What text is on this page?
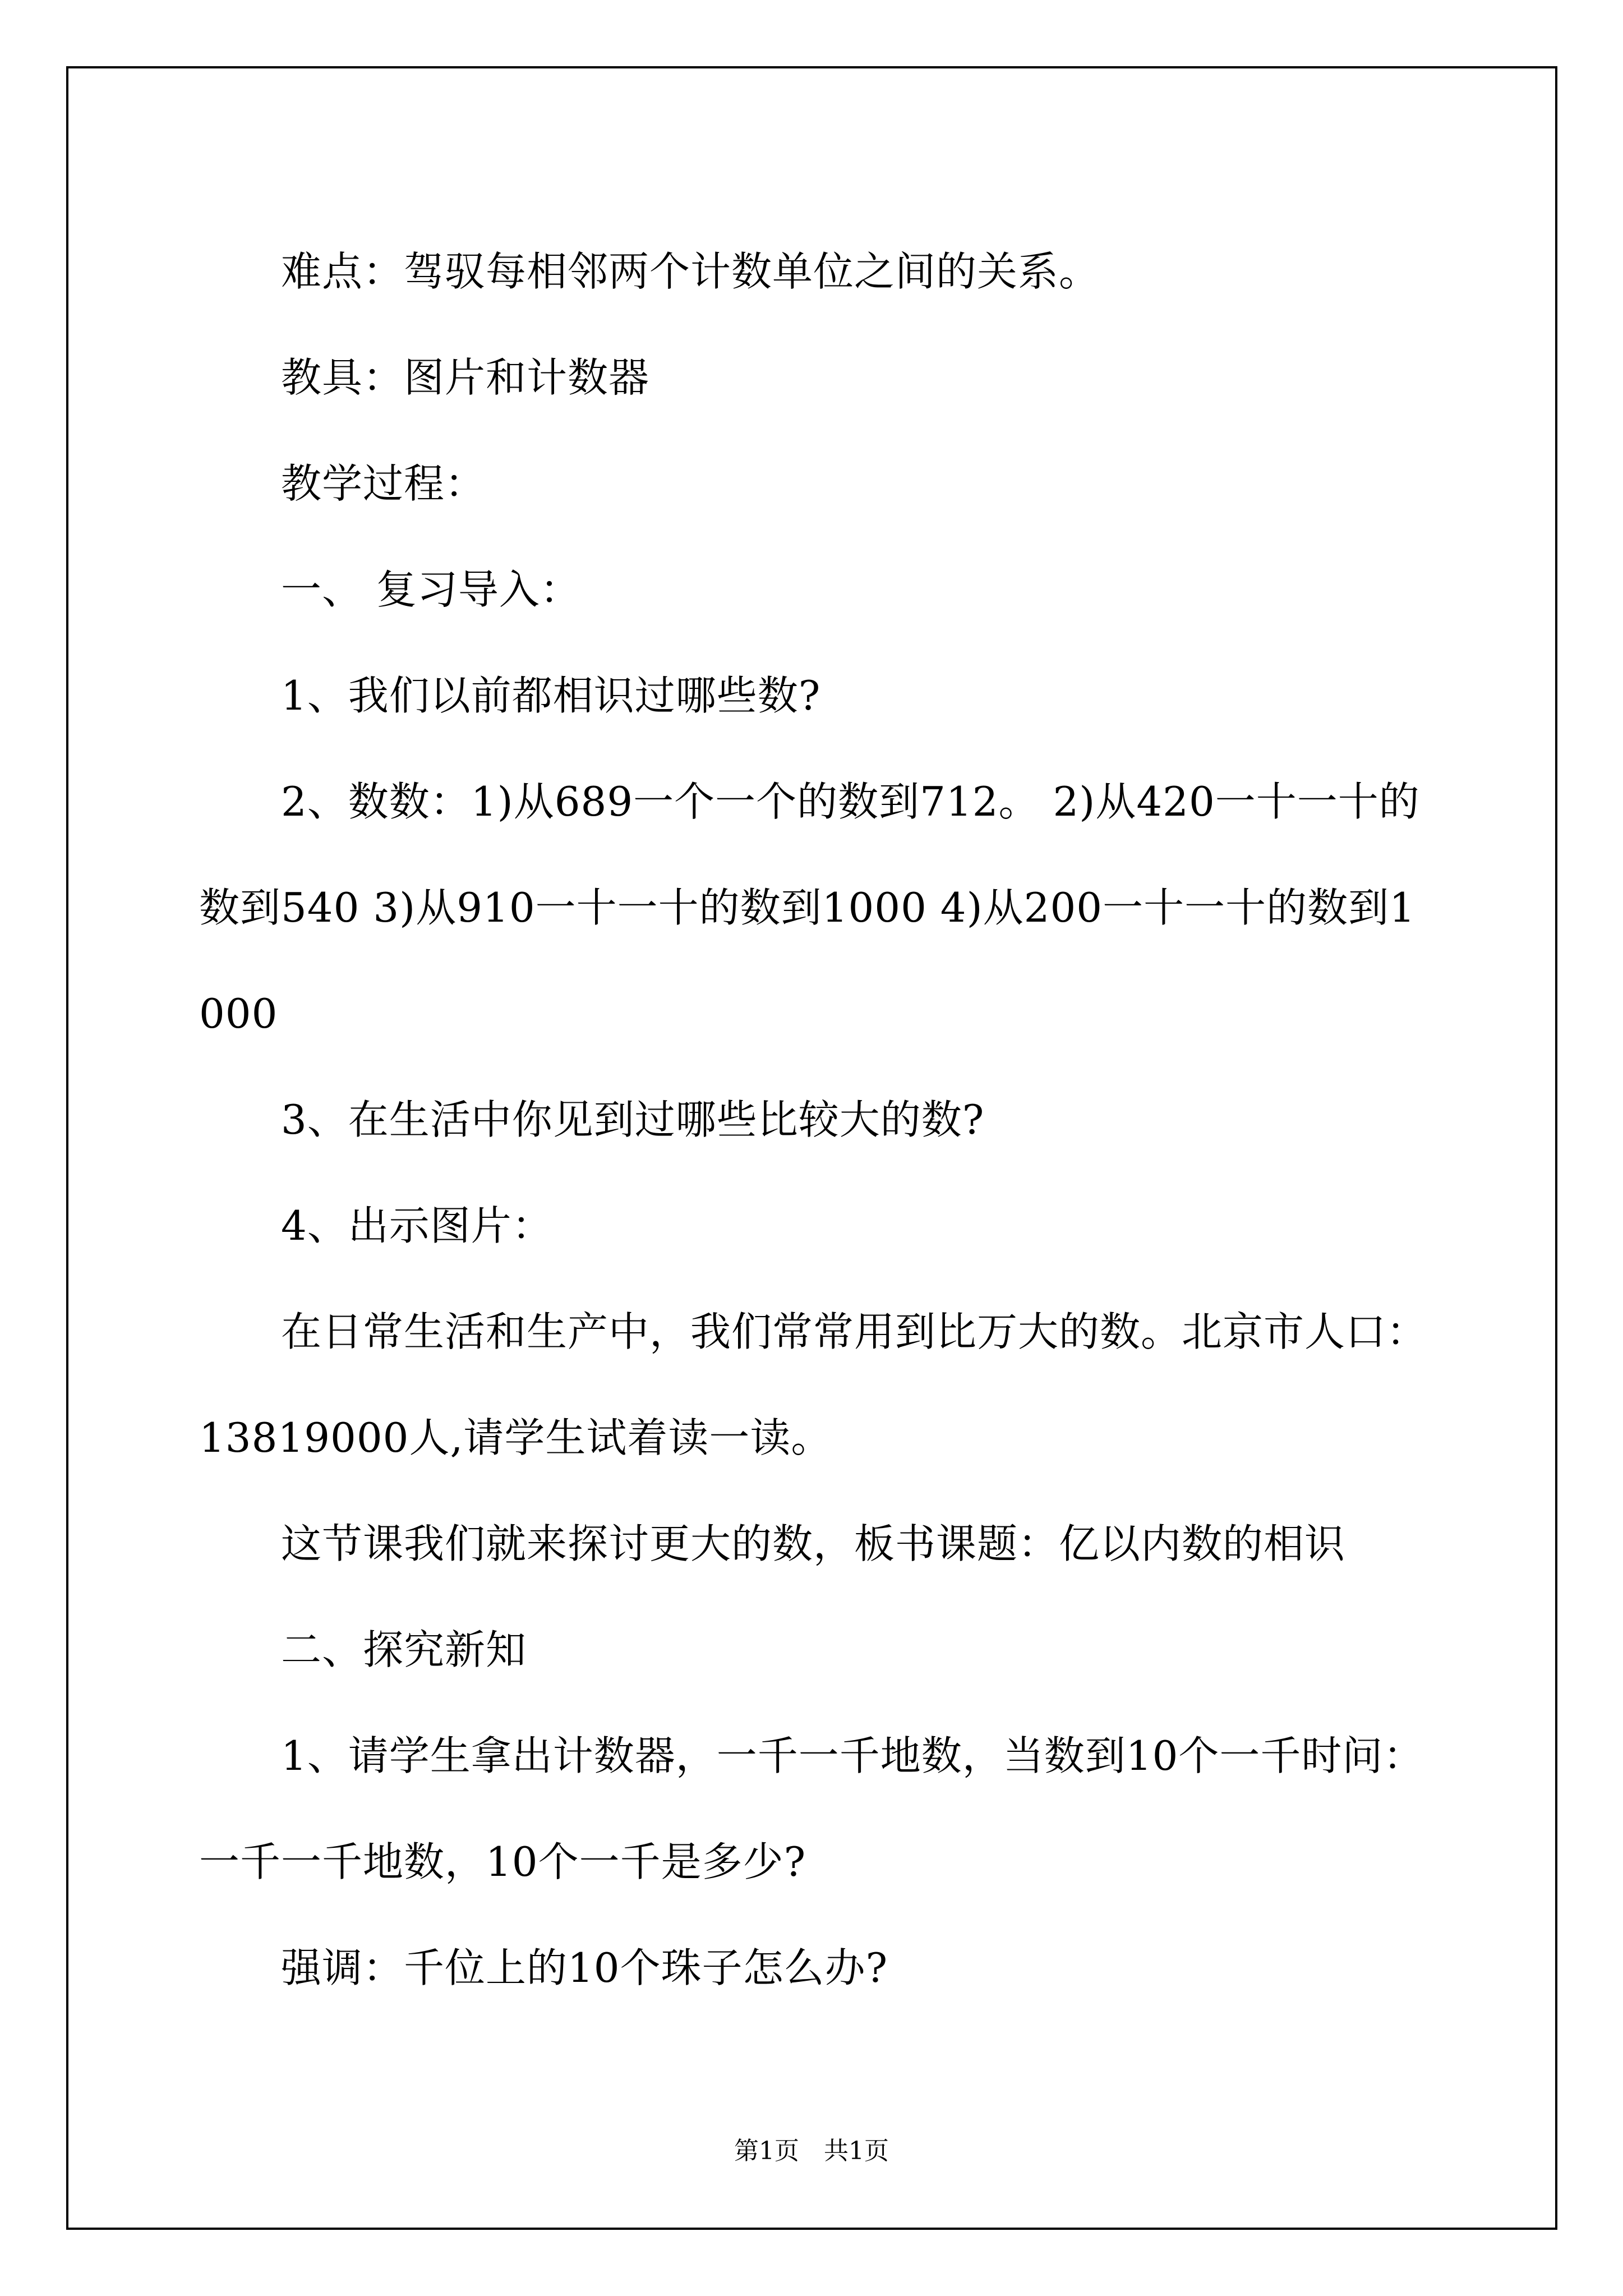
难点：驾驭每相邻两个计数单位之间的关系。

教具：图片和计数器

教学过程：

一、 复习导入：

1、我们以前都相识过哪些数?

2、数数：1)从689一个一个的数到712。 2)从420一十一十的数到540 3)从910一十一十的数到1000 4)从200一十一十的数到1000

3、在生活中你见到过哪些比较大的数?

4、出示图片：

在日常生活和生产中，我们常常用到比万大的数。北京市人口：13819000人,请学生试着读一读。

这节课我们就来探讨更大的数，板书课题：亿以内数的相识

二、探究新知

1、请学生拿出计数器，一千一千地数，当数到10个一千时问：一千一千地数，10个一千是多少?

强调：千位上的10个珠子怎么办?

第1页　共1页
